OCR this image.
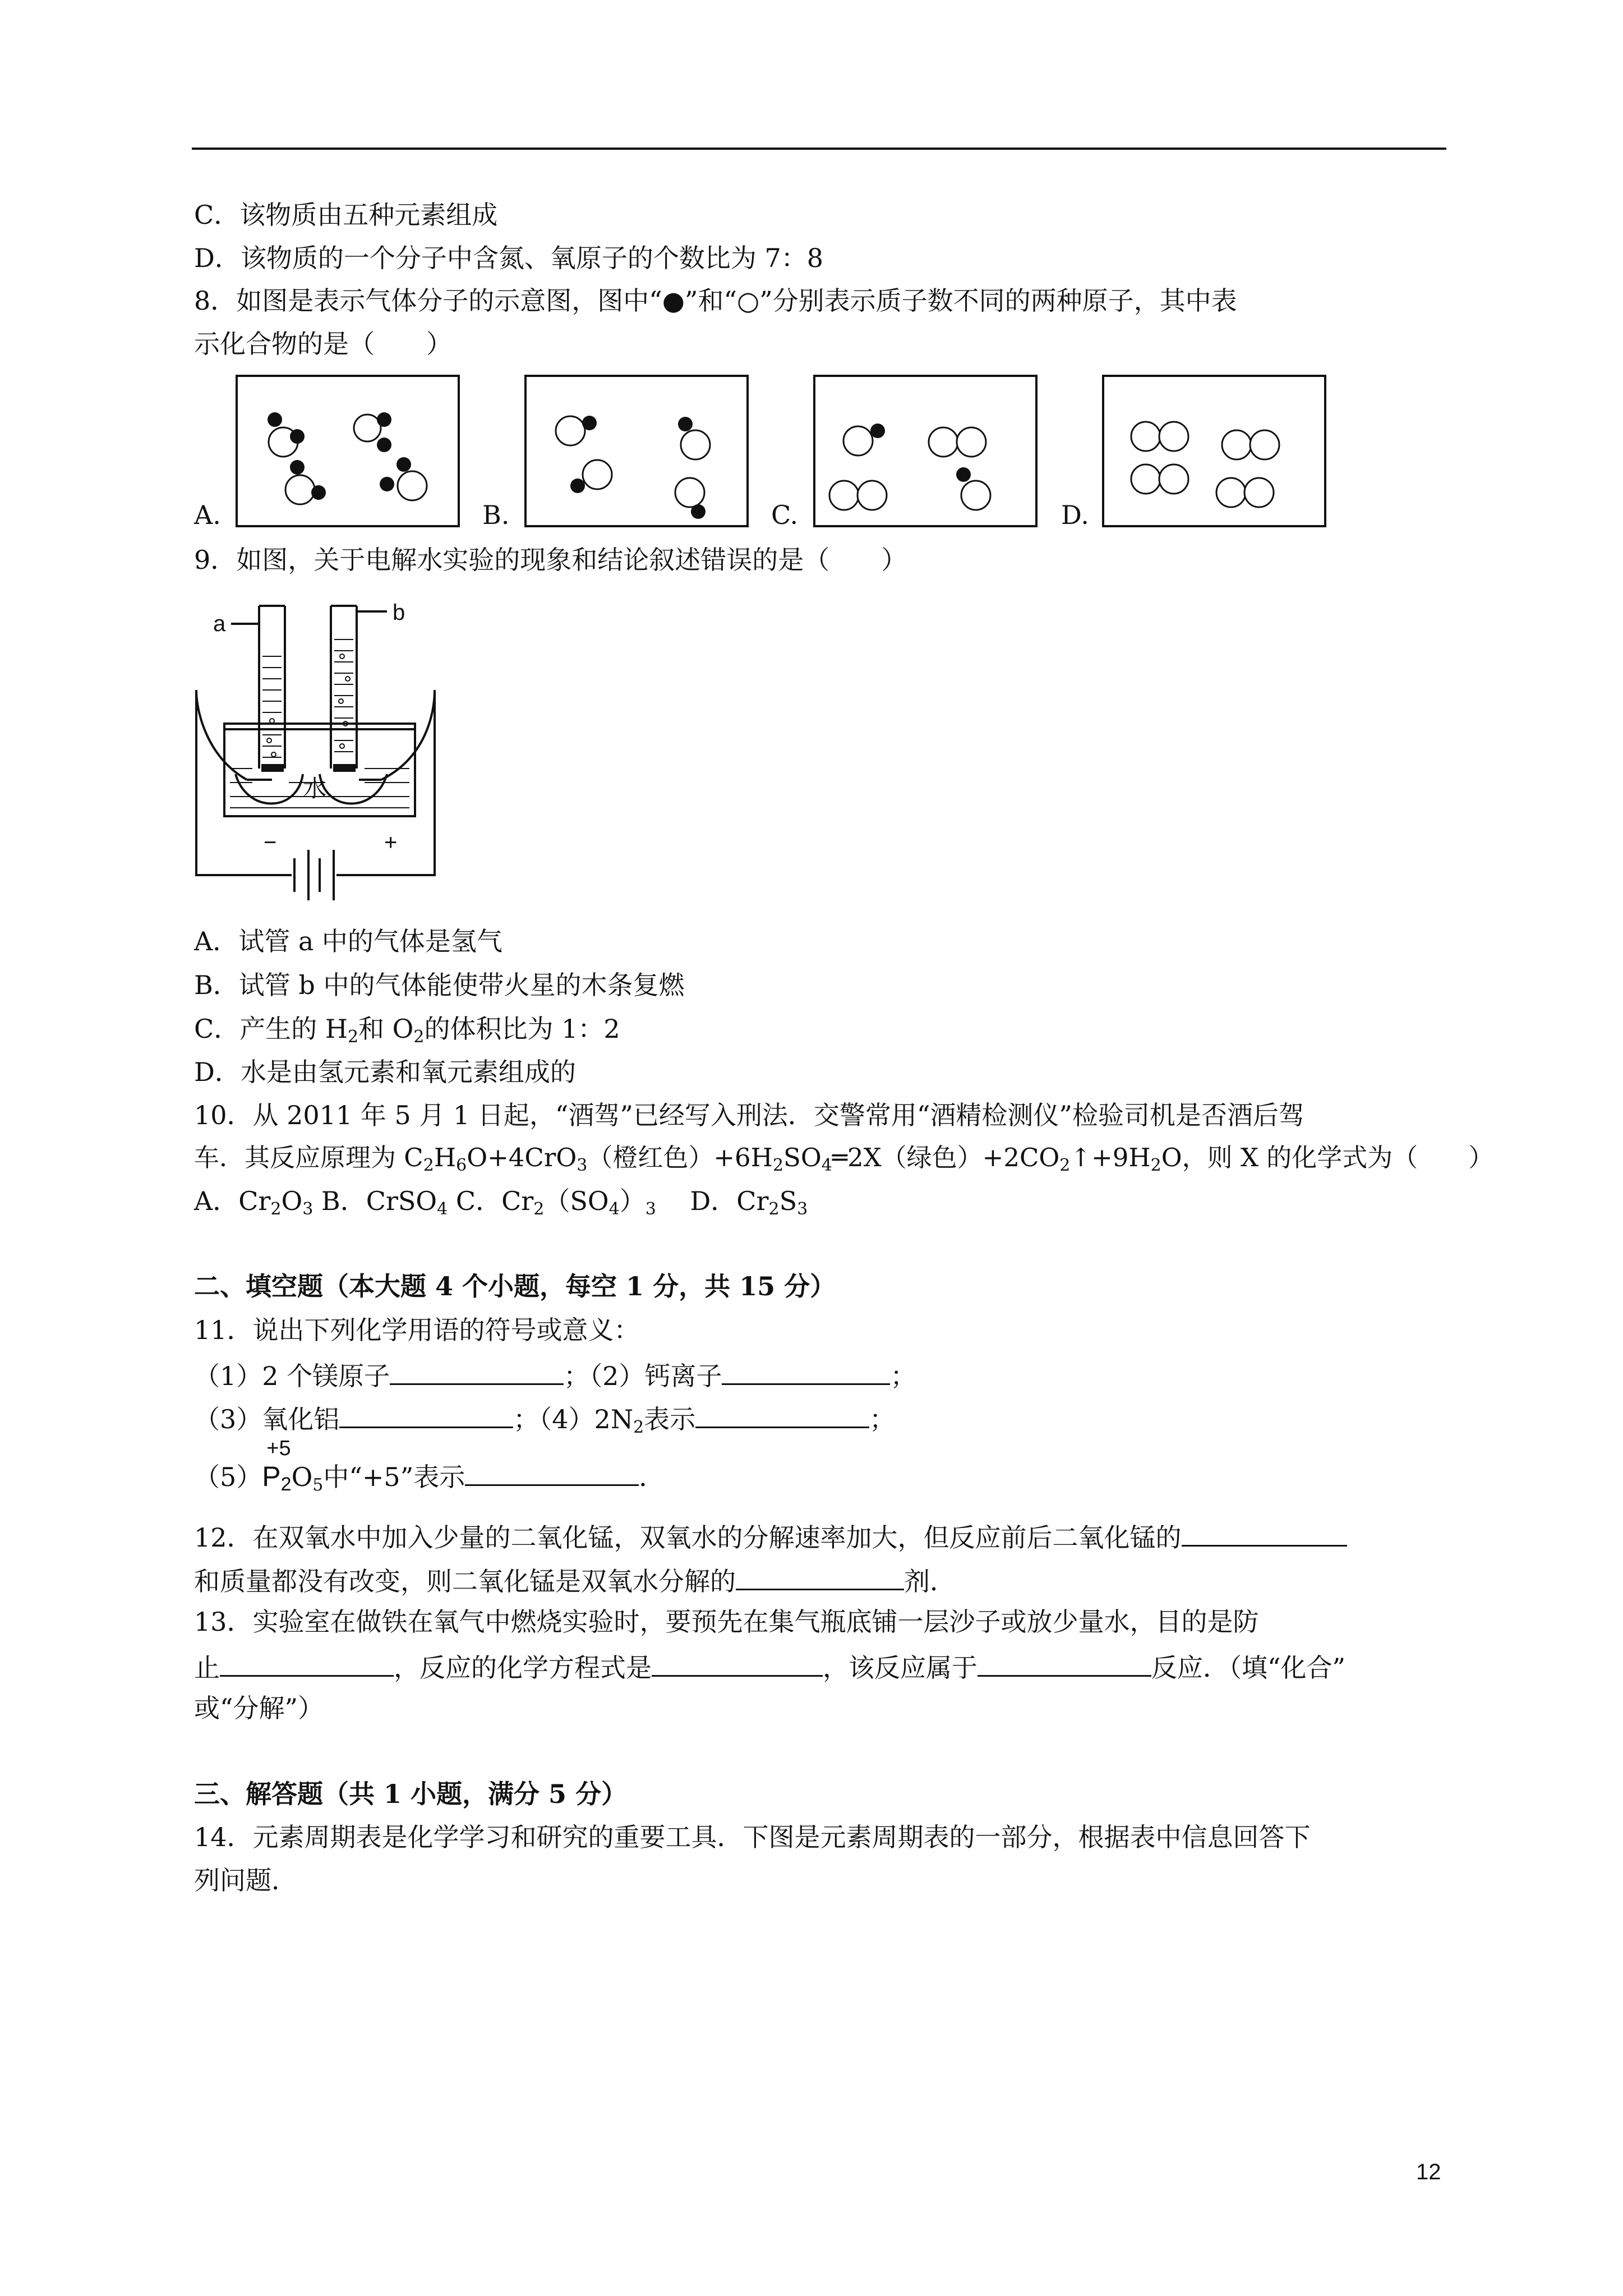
C．该物质由五种元素组成
D．该物质的一个分子中含氮、氧原子的个数比为 7：8
8．如图是表示气体分子的示意图，图中“●”和“○”分别表示质子数不同的两种原子，其中表
示化合物的是（　　）
A.	B.	C.	D.
9．如图，关于电解水实验的现象和结论叙述错误的是（　　）
a	b
水
−	+
A．试管 a 中的气体是氢气
B．试管 b 中的气体能使带火星的木条复燃
C．产生的 $H_2$和 $O_2$的体积比为 1：2
D．水是由氢元素和氧元素组成的
10．从 2011 年 5 月 1 日起，“酒驾”已经写入刑法．交警常用“酒精检测仪”检验司机是否酒后驾
车．其反应原理为 $C_2H_6O+4CrO_3$（橙红色）$+6H_2SO_4═2X$（绿色）$+2CO_2↑+9H_2O$，则 X 的化学式为（　　）
A．$Cr_2O_3$ B．CrSO$_4$ C．$Cr_2(SO_4)_3$　 D．$Cr_2S_3$
二、填空题（本大题 4 个小题，每空 1 分，共 15 分）
11．说出下列化学用语的符号或意义：
（1）2 个镁原子	；（2）钙离子	；
（3）氧化铝	；$(4)2N_2$表示	；
（5）
+5
$P_2O_5$中“+5”表示	．
12．在双氧水中加入少量的二氧化锰，双氧水的分解速率加大，但反应前后二氧化锰的
和质量都没有改变，则二氧化锰是双氧水分解的	剂．
13．实验室在做铁在氧气中燃烧实验时，要预先在集气瓶底铺一层沙子或放少量水，目的是防
止	，反应的化学方程式是	，该反应属于	反应．（填“化合”
或“分解”）
三、解答题（共 1 小题，满分 5 分）
14．元素周期表是化学学习和研究的重要工具．下图是元素周期表的一部分，根据表中信息回答下
列问题．
12
